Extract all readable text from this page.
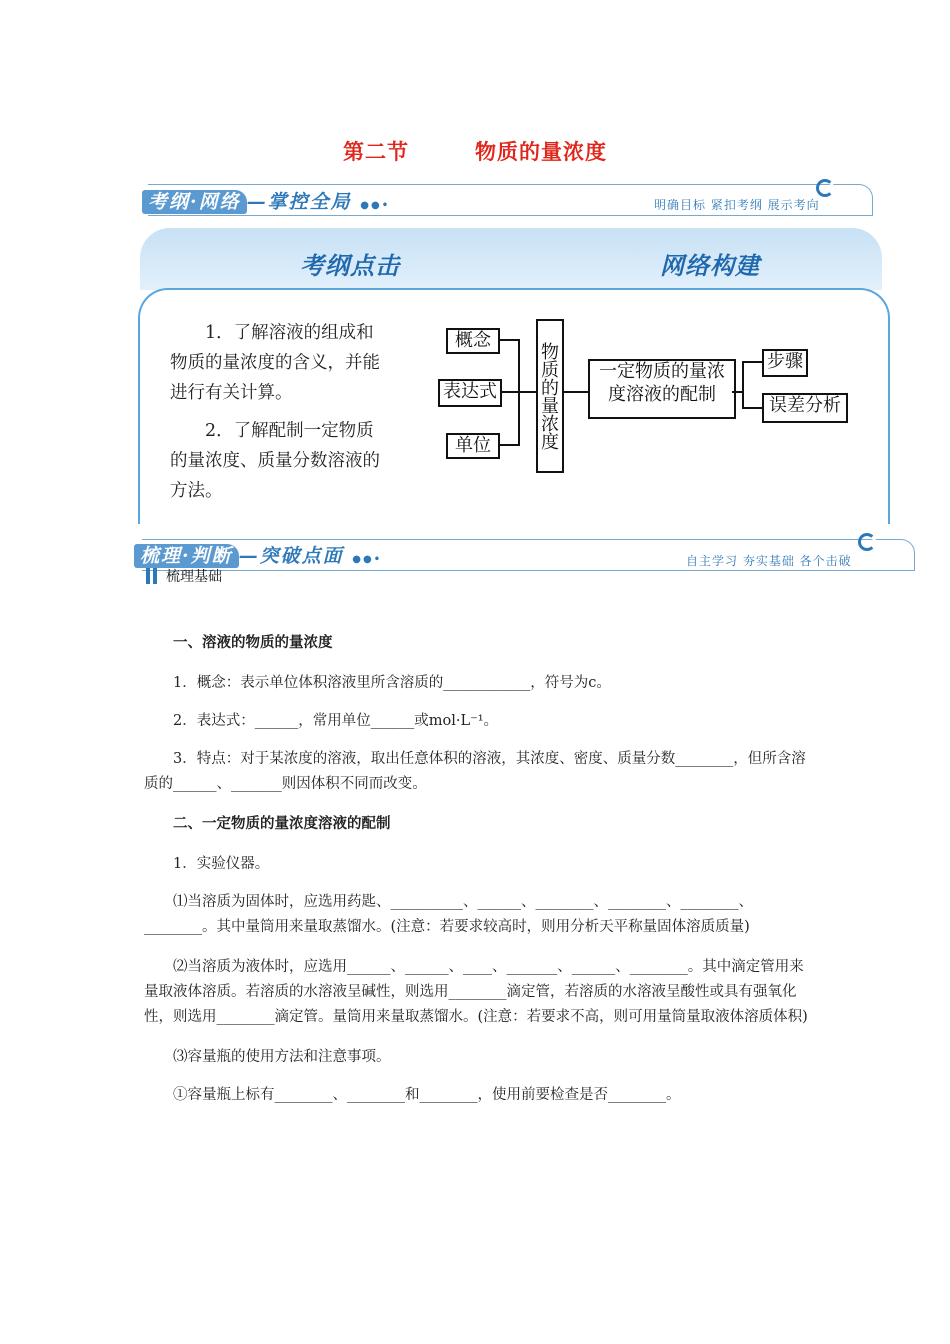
第二节	物质的量浓度
考纲·网络 —掌控全局 ●●•	明确目标 紧扣考纲 展示考向
考纲点击	网络构建

1．了解溶液的组成和物质的量浓度的含义，并能进行有关计算。

2．了解配制一定物质的量浓度、质量分数溶液的方法。

概念
表达式
单位	物质的量浓度	一定物质的量浓度溶液的配制
步骤
误差分析
梳理·判断 —突破点面 ●●•	自主学习 夯实基础 各个击破
梳理基础

一、溶液的物质的量浓度

1．概念：表示单位体积溶液里所含溶质的____________，符号为c。

2．表达式：______，常用单位______或mol·L⁻¹。

3．特点：对于某浓度的溶液，取出任意体积的溶液，其浓度、密度、质量分数________，但所含溶质的______、_______则因体积不同而改变。

二、一定物质的量浓度溶液的配制

1．实验仪器。

⑴当溶质为固体时，应选用药匙、__________、______、________、________、________、________。其中量筒用来量取蒸馏水。(注意：若要求较高时，则用分析天平称量固体溶质质量)

⑵当溶质为液体时，应选用______、______、____、_______、______、________。其中滴定管用来量取液体溶质。若溶质的水溶液呈碱性，则选用________滴定管，若溶质的水溶液呈酸性或具有强氧化性，则选用________滴定管。量筒用来量取蒸馏水。(注意：若要求不高，则可用量筒量取液体溶质体积)

⑶容量瓶的使用方法和注意事项。

①容量瓶上标有________、________和________，使用前要检查是否________。
